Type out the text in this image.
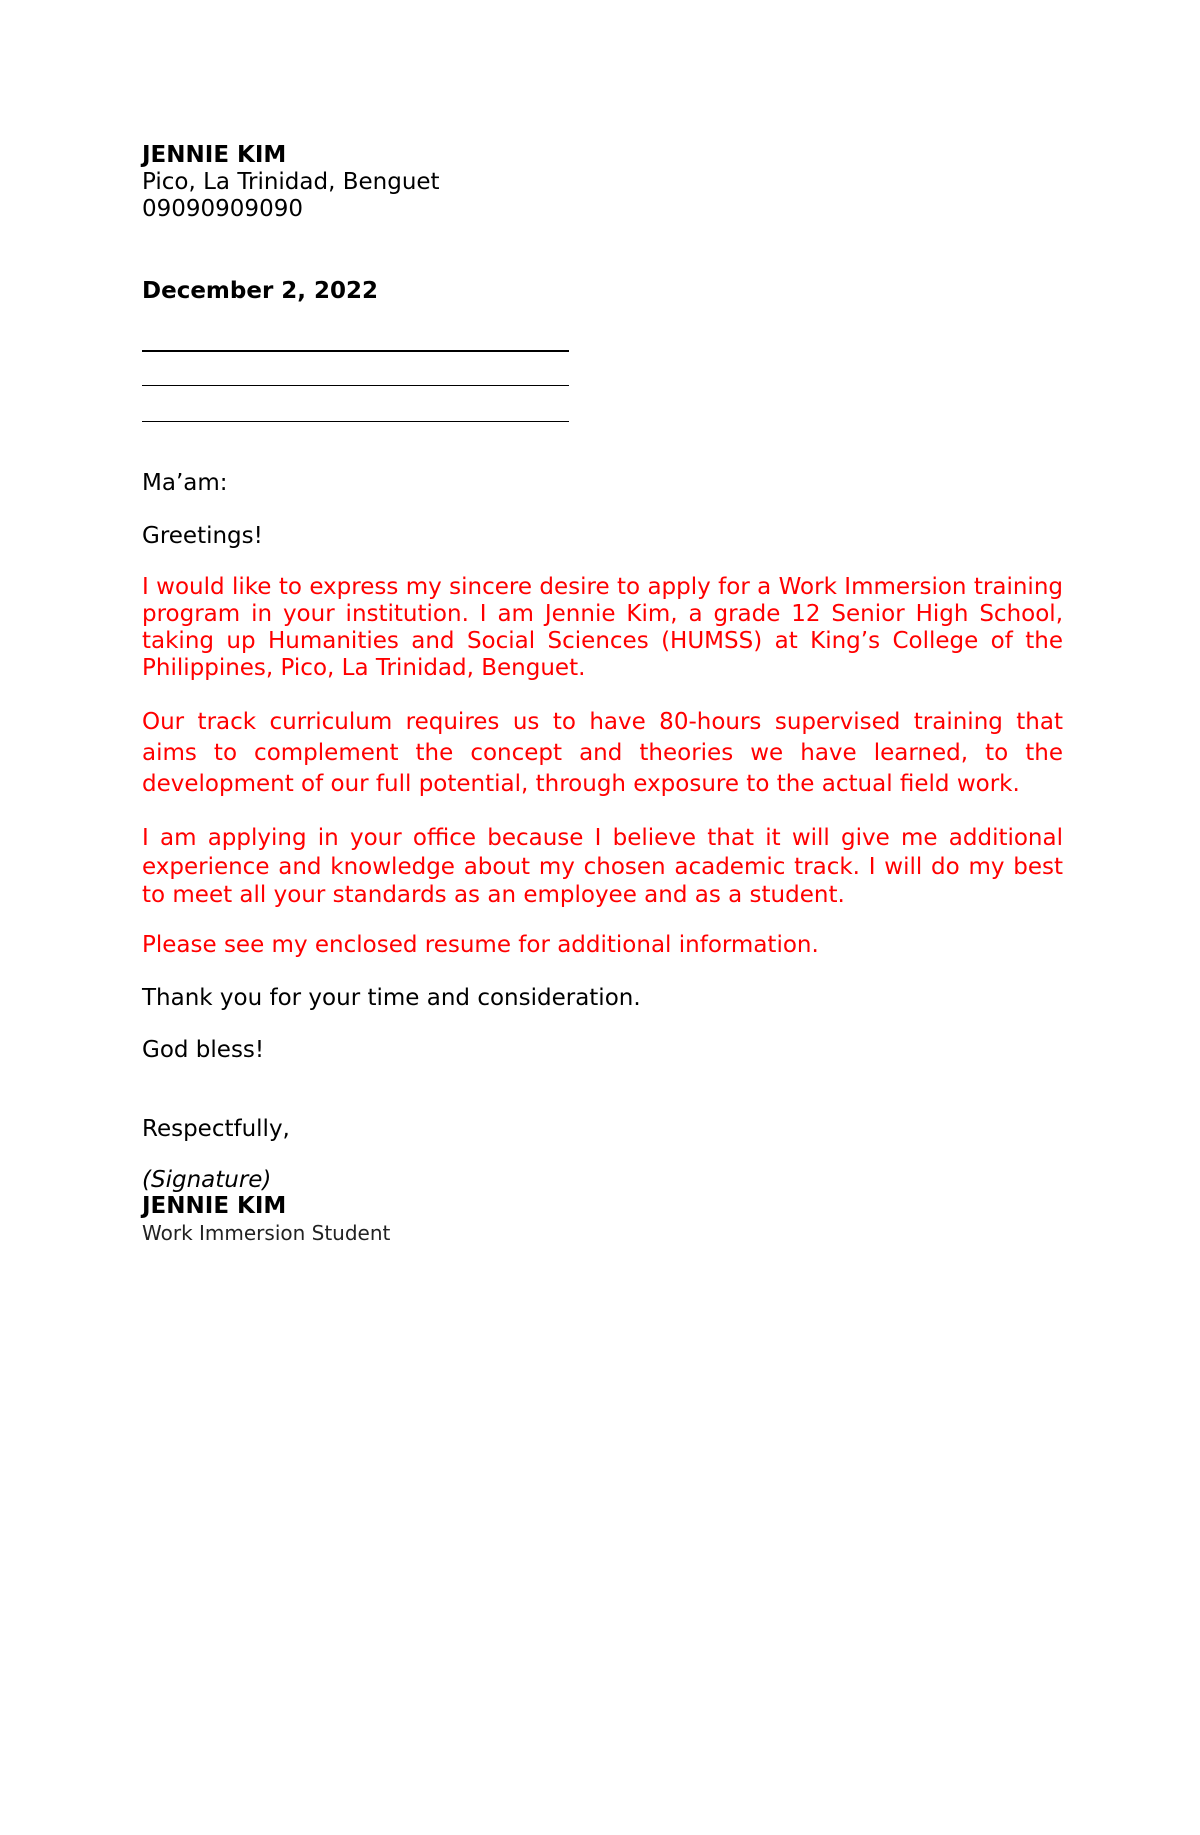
JENNIE KIM
Pico, La Trinidad, Benguet
09090909090
December 2, 2022
Ma’am:
Greetings!
I would like to express my sincere desire to apply for a Work Immersion training program in your institution. I am Jennie Kim, a grade 12 Senior High School, taking up Humanities and Social Sciences (HUMSS) at King’s College of the Philippines, Pico, La Trinidad, Benguet.
Our track curriculum requires us to have 80-hours supervised training that aims to complement the concept and theories we have learned, to the development of our full potential, through exposure to the actual field work.
I am applying in your office because I believe that it will give me additional experience and knowledge about my chosen academic track. I will do my best to meet all your standards as an employee and as a student.
Please see my enclosed resume for additional information.
Thank you for your time and consideration.
God bless!
Respectfully,
(Signature)
JENNIE KIM
Work Immersion Student
